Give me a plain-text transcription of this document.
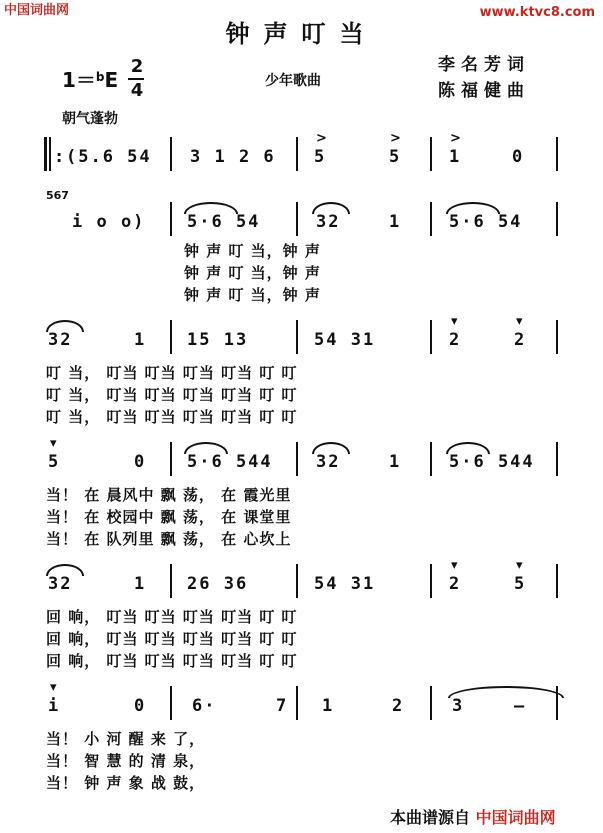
中国词曲网	www.ktvc8.com
钟声叮当
1＝$^b$E
2
4	少年歌曲
李名芳词
陈福健曲
朝气蓬勃
: (5.6 54 3 1 2 6
>
5
>
5
>
1	0
567
i o o) 5·6 54	32	1	5·6 54
钟 声 叮 当，钟 声
钟 声 叮 当，钟 声
钟 声 叮 当，钟 声
32	1 15 13	54 31
▾
2
▾
2
叮 当， 叮当 叮当 叮当 叮当 叮 叮
叮 当， 叮当 叮当 叮当 叮当 叮 叮
叮 当， 叮当 叮当 叮当 叮当 叮 叮
▾
5	0 5·6 544	32	1	5·6 544
当！ 在 晨风中 飘 荡， 在 霞光里
当！ 在 校园中 飘 荡， 在 课堂里
当！ 在 队列里 飘 荡， 在 心坎上
32	1 26 36	54 31
▾
2
▾
5
回 响， 叮当 叮当 叮当 叮当 叮 叮
回 响， 叮当 叮当 叮当 叮当 叮 叮
回 响， 叮当 叮当 叮当 叮当 叮 叮
▾
i	0	6·	7 1	2	3	—
当！ 小 河 醒 来 了，
当！ 智 慧 的 清 泉，
当！ 钟 声 象 战 鼓，
本曲谱源自 中国词曲网
